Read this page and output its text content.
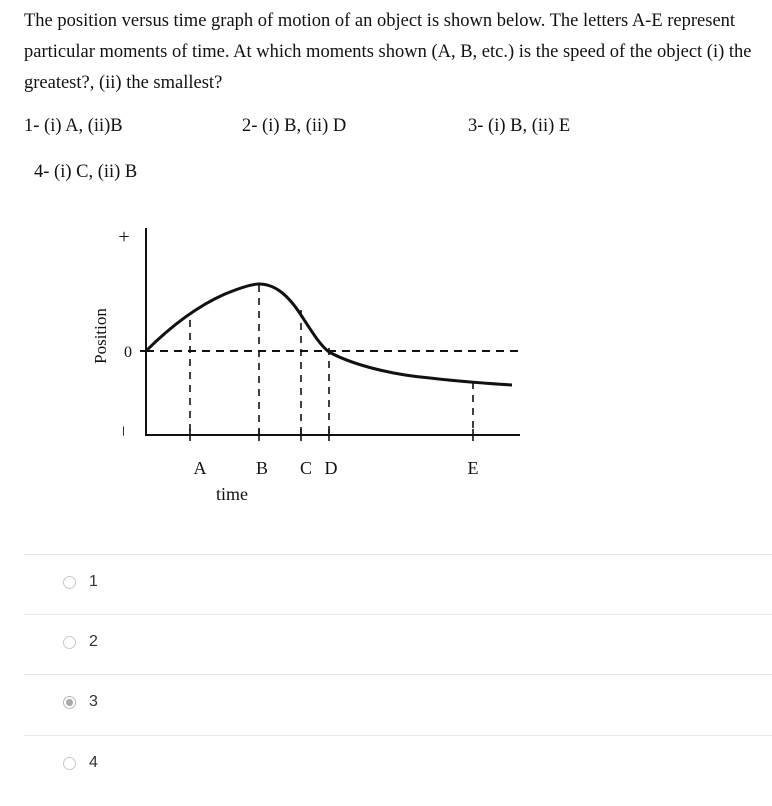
The position versus time graph of motion of an object is shown below. The letters A-E represent particular moments of time. At which moments shown (A, B, etc.) is the speed of the object (i) the greatest?, (ii) the smallest?
1- (i) A, (ii)B	2- (i) B, (ii) D	3- (i) B, (ii) E
4- (i) C, (ii) B
Position
+
0
–
A	B C D	E
time
1
2
3
4
